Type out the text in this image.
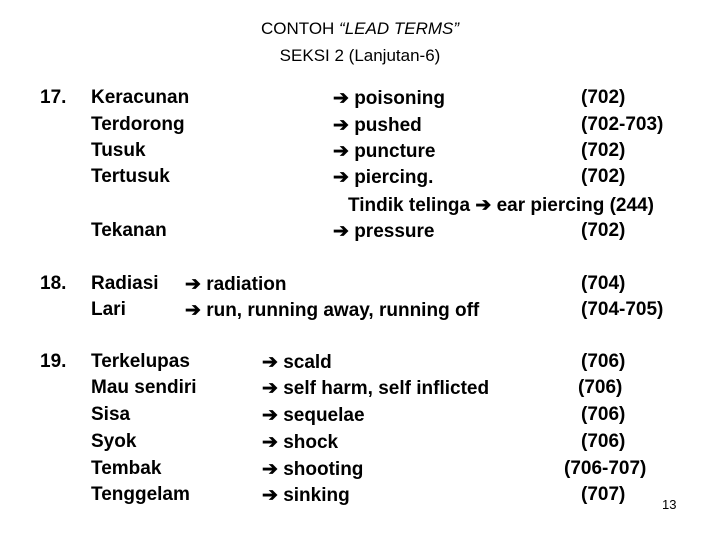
CONTOH “LEAD TERMS”
SEKSI 2 (Lanjutan-6)
17. Keracunan
Terdorong
Tusuk
Tertusuk
Tekanan
➔ poisoning
➔ pushed
➔ puncture
➔ piercing.
Tindik telinga ➔ ear piercing (244)
➔ pressure
(702)
(702-703)
(702)
(702)
(702)
18. Radiasi
Lari
➔ radiation
➔ run, running away, running off
(704)
(704-705)
19. Terkelupas
Mau sendiri
Sisa
Syok
Tembak
Tenggelam
➔ scald
➔ self harm, self inflicted
➔ sequelae
➔ shock
➔ shooting
➔ sinking
(706)
(706)
(706)
(706)
(706-707)
(707)	13
